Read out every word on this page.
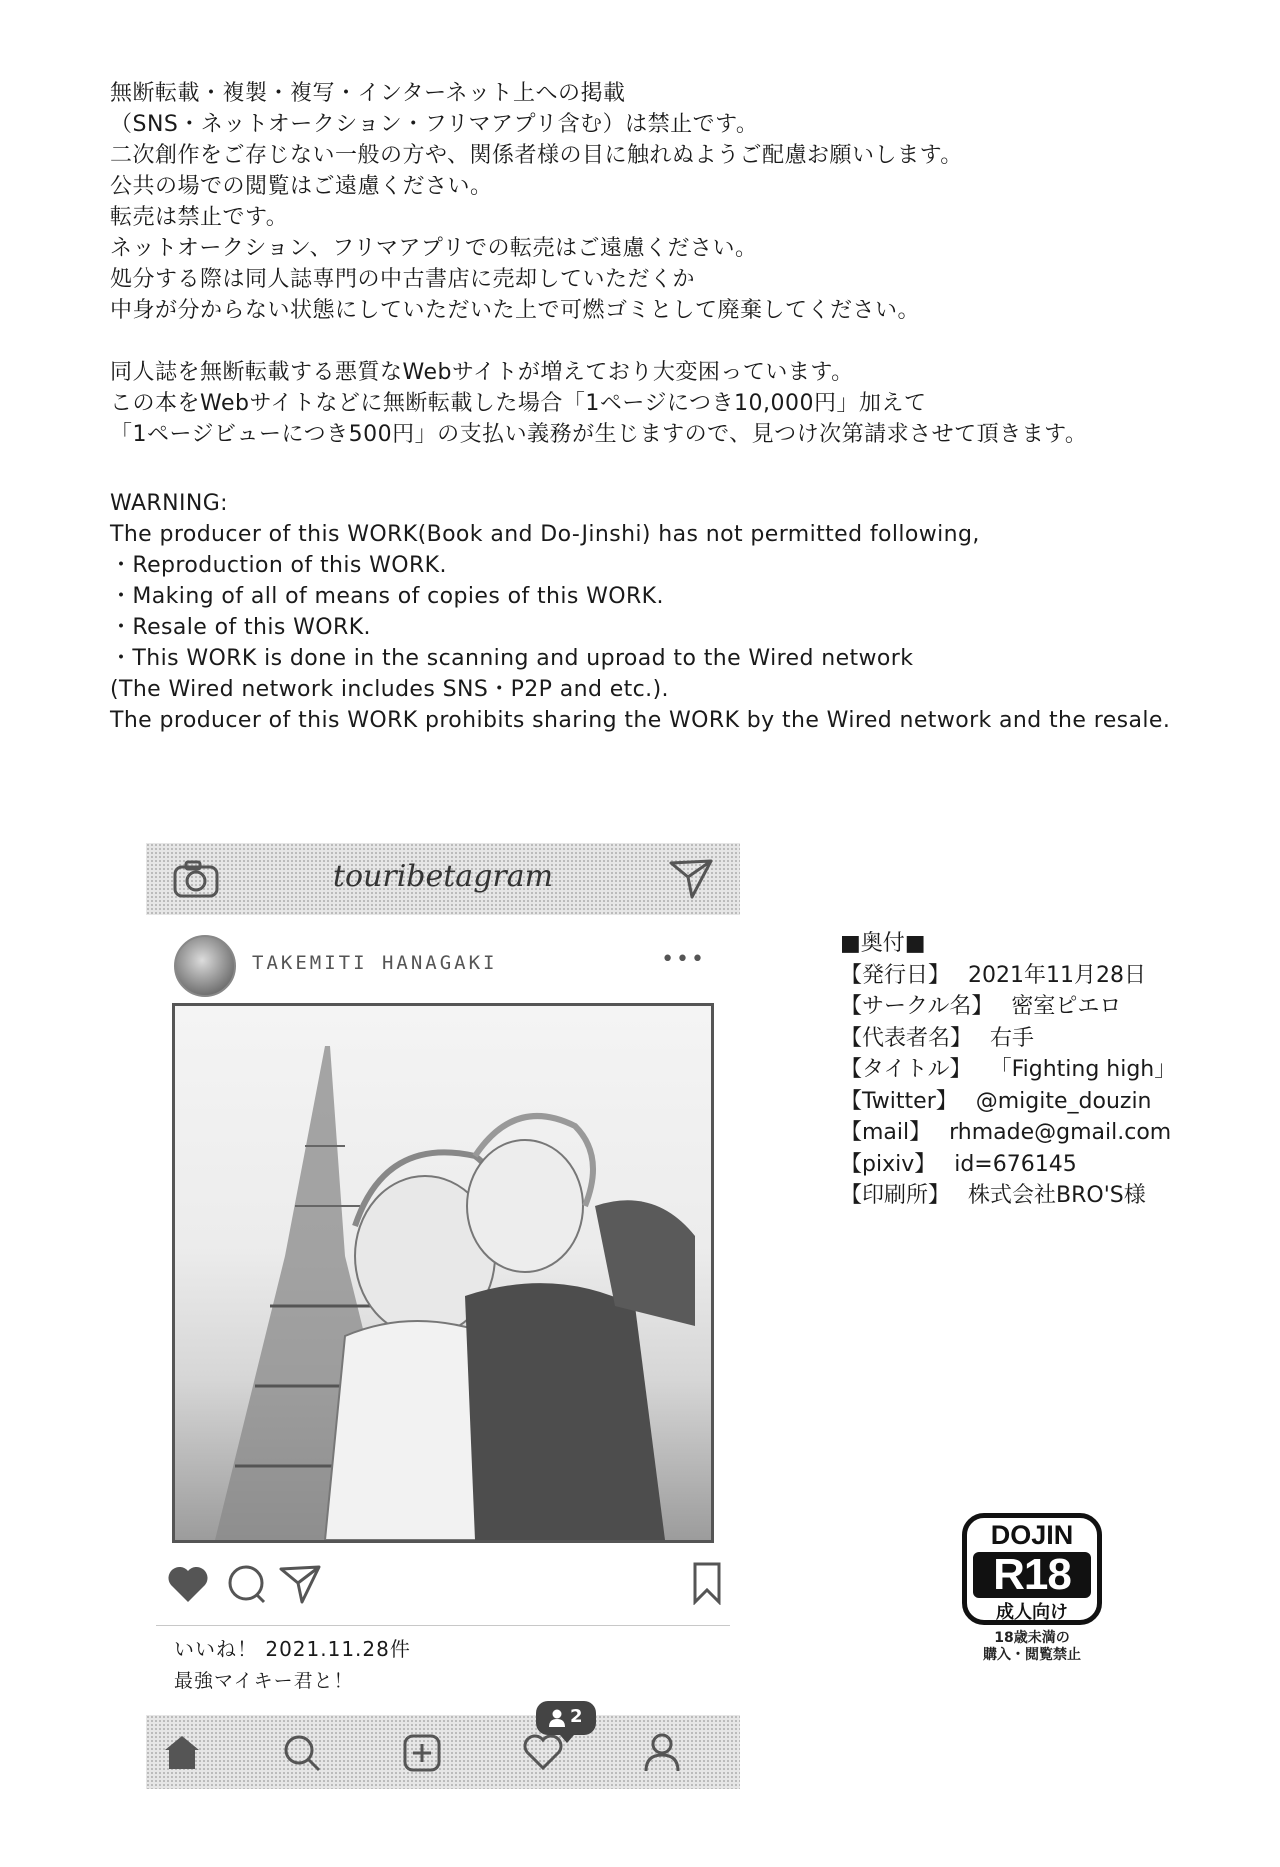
無断転載・複製・複写・インターネット上への掲載
（SNS・ネットオークション・フリマアプリ含む）は禁止です。
二次創作をご存じない一般の方や、関係者様の目に触れぬようご配慮お願いします。
公共の場での閲覧はご遠慮ください。
転売は禁止です。
ネットオークション、フリマアプリでの転売はご遠慮ください。
処分する際は同人誌専門の中古書店に売却していただくか
中身が分からない状態にしていただいた上で可燃ゴミとして廃棄してください。
同人誌を無断転載する悪質なWebサイトが増えており大変困っています。
この本をWebサイトなどに無断転載した場合「1ページにつき10,000円」加えて
「1ページビューにつき500円」の支払い義務が生じますので、見つけ次第請求させて頂きます。
WARNING:
The producer of this WORK(Book and Do-Jinshi) has not permitted following,
・Reproduction of this WORK.
・Making of all of means of copies of this WORK.
・Resale of this WORK.
・This WORK is done in the scanning and uproad to the Wired network
(The Wired network includes SNS・P2P and etc.).
The producer of this WORK prohibits sharing the WORK by the Wired network and the resale.
touribetagram
TAKEMITI HANAGAKI	•••
いいね！ 2021.11.28件
最強マイキー君と！
2
■奥付■
【発行日】 2021年11月28日
【サークル名】 密室ピエロ
【代表者名】 右手
【タイトル】 「Fighting high」
【Twitter】 @migite_douzin
【mail】 rhmade@gmail.com
【pixiv】 id=676145
【印刷所】 株式会社BRO'S様
DOJIN
R18
成人向け
18歳未満の
購入・閲覧禁止
